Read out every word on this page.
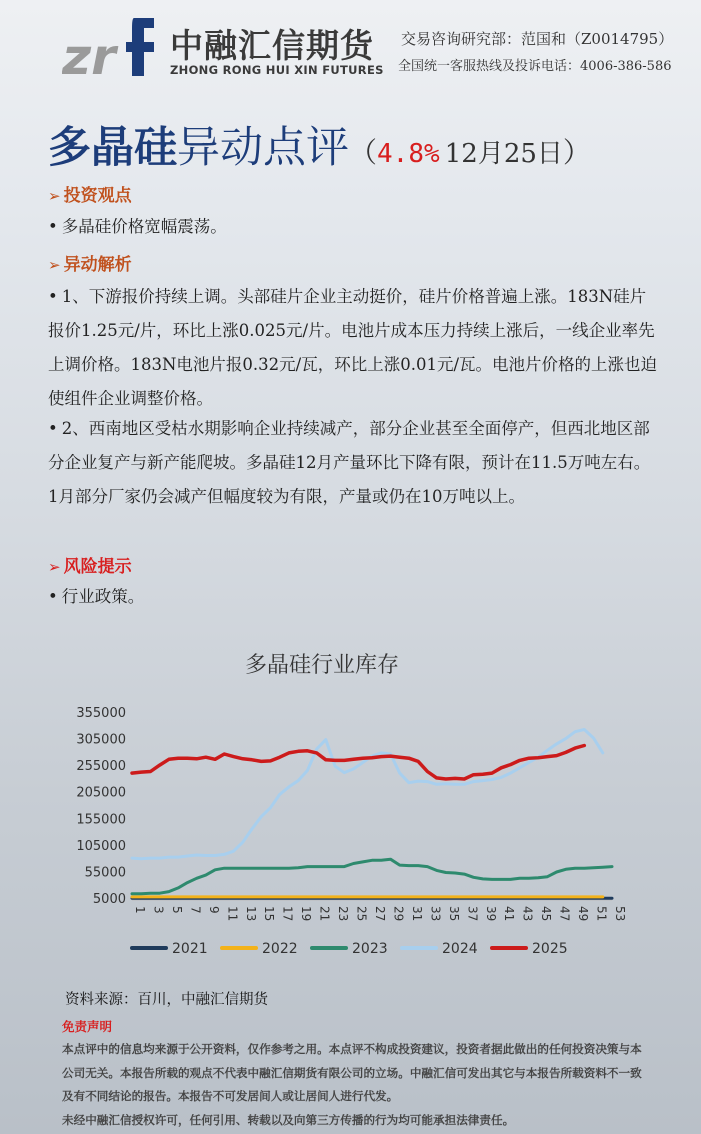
zr 中融汇信期货
ZHONG RONG HUI XIN FUTURES
交易咨询研究部：范国和（Z0014795）
全国统一客服热线及投诉电话：4006-386-586
多晶硅异动点评（4.8% 12月25日）
➢ 投资观点
• 多晶硅价格宽幅震荡。
➢ 异动解析
• 1、下游报价持续上调。头部硅片企业主动挺价，硅片价格普遍上涨。183N硅片报价1.25元/片，环比上涨0.025元/片。电池片成本压力持续上涨后，一线企业率先上调价格。183N电池片报0.32元/瓦，环比上涨0.01元/瓦。电池片价格的上涨也迫使组件企业调整价格。
• 2、西南地区受枯水期影响企业持续减产，部分企业甚至全面停产，但西北地区部分企业复产与新产能爬坡。多晶硅12月产量环比下降有限，预计在11.5万吨左右。1月部分厂家仍会减产但幅度较为有限，产量或仍在10万吨以上。
➢ 风险提示
• 行业政策。
多晶硅行业库存
5000
55000
105000
155000
205000
255000
305000
355000
1 3 5 7 9 11 13 15 17 19 21 23 25 27 29 31 33 35 37 39 41 43 45 47 49 51 53
2021	2022	2023	2024	2025
资料来源：百川，中融汇信期货
免责声明
本点评中的信息均来源于公开资料，仅作参考之用。本点评不构成投资建议，投资者据此做出的任何投资决策与本公司无关。本报告所载的观点不代表中融汇信期货有限公司的立场。中融汇信可发出其它与本报告所载资料不一致及有不同结论的报告。本报告不可发居间人或让居间人进行代发。
未经中融汇信授权许可，任何引用、转载以及向第三方传播的行为均可能承担法律责任。
